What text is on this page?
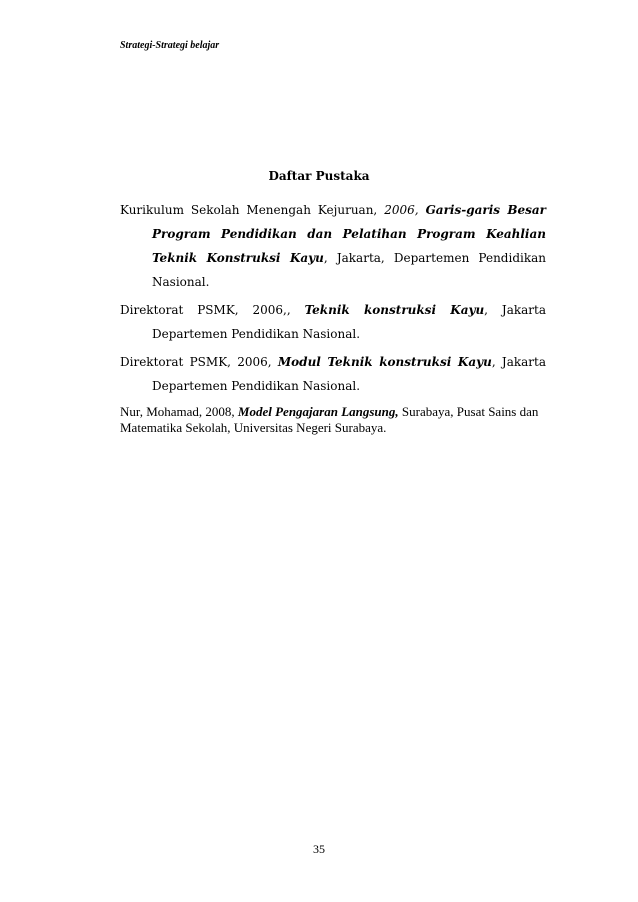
Strategi-Strategi belajar
Daftar Pustaka

Kurikulum Sekolah Menengah Kejuruan, 2006, Garis-garis Besar Program Pendidikan dan Pelatihan Program Keahlian Teknik Konstruksi Kayu, Jakarta, Departemen Pendidikan Nasional.

Direktorat PSMK, 2006,, Teknik konstruksi Kayu, Jakarta Departemen Pendidikan Nasional.

Direktorat PSMK, 2006, Modul Teknik konstruksi Kayu, Jakarta Departemen Pendidikan Nasional.

Nur, Mohamad, 2008, Model Pengajaran Langsung, Surabaya, Pusat Sains dan Matematika Sekolah, Universitas Negeri Surabaya.

35
